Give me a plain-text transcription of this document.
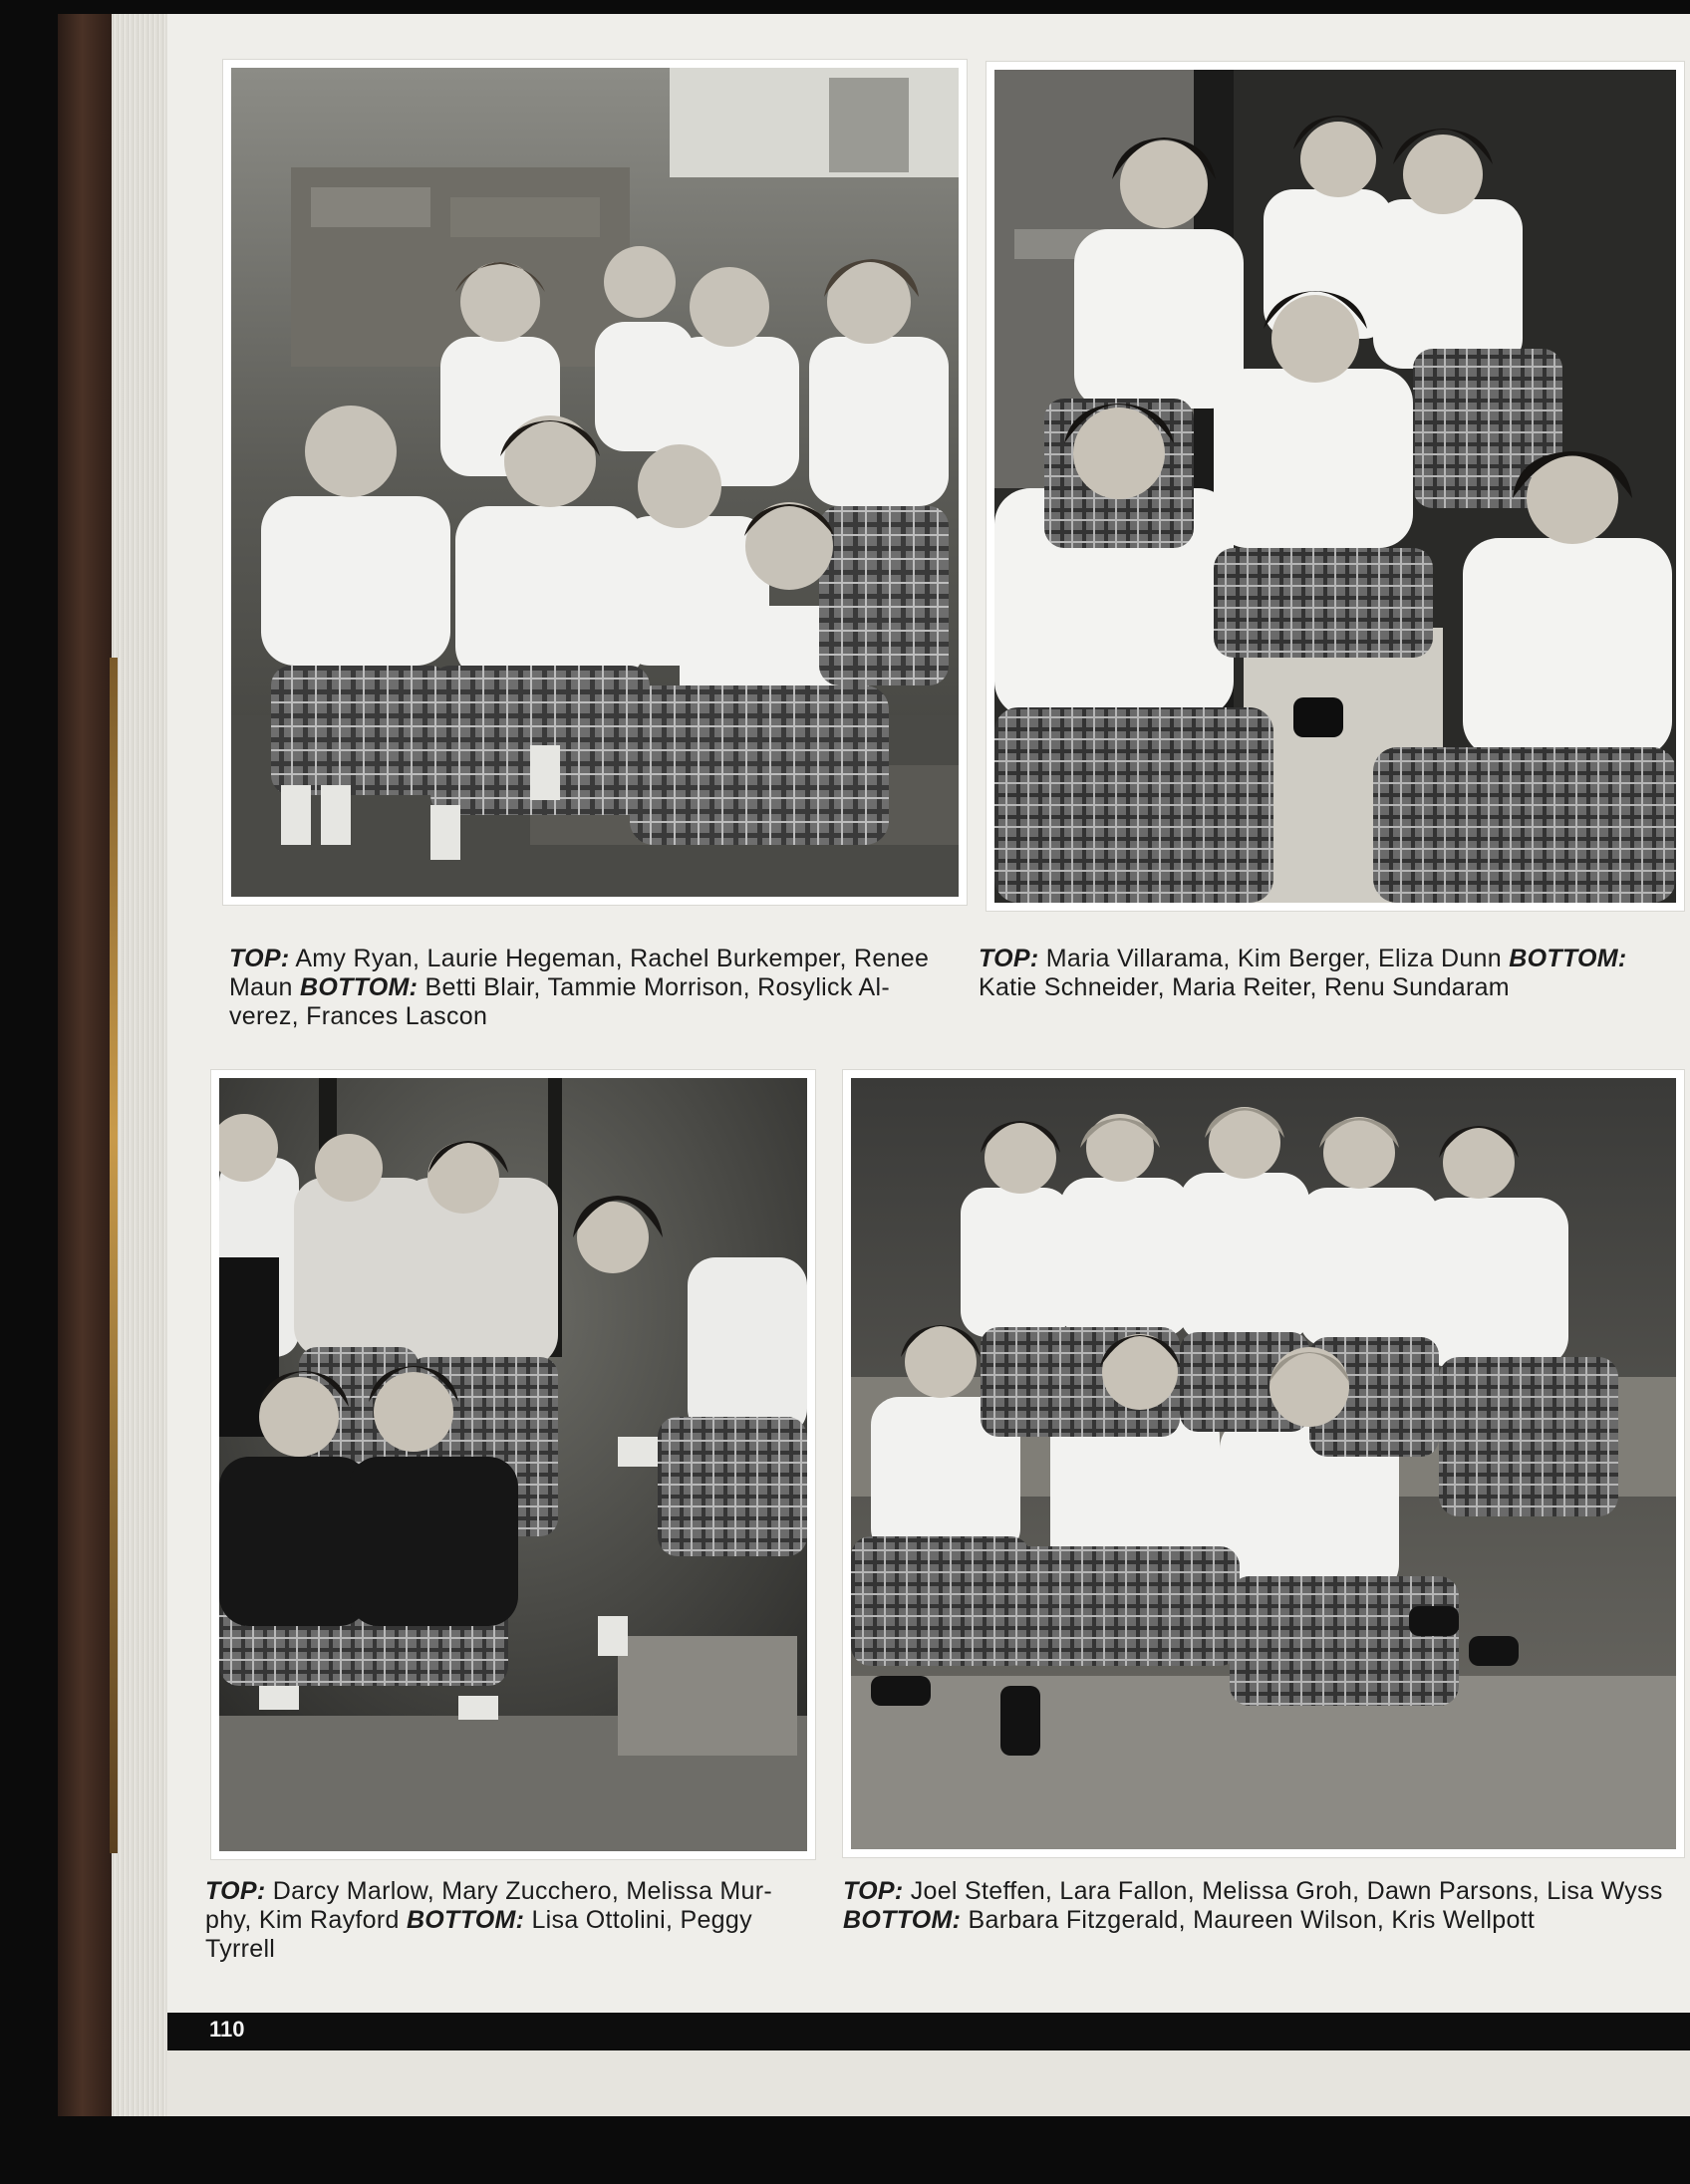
TOP: Amy Ryan, Laurie Hegeman, Rachel Burkemper, Renee Maun BOTTOM: Betti Blair, Tammie Morrison, Rosylick Al- verez, Frances Lascon
TOP: Maria Villarama, Kim Berger, Eliza Dunn BOTTOM: Katie Schneider, Maria Reiter, Renu Sundaram
TOP: Darcy Marlow, Mary Zucchero, Melissa Mur- phy, Kim Rayford BOTTOM: Lisa Ottolini, Peggy Tyrrell
TOP: Joel Steffen, Lara Fallon, Melissa Groh, Dawn Parsons, Lisa Wyss BOTTOM: Barbara Fitzgerald, Maureen Wilson, Kris Wellpott
110
